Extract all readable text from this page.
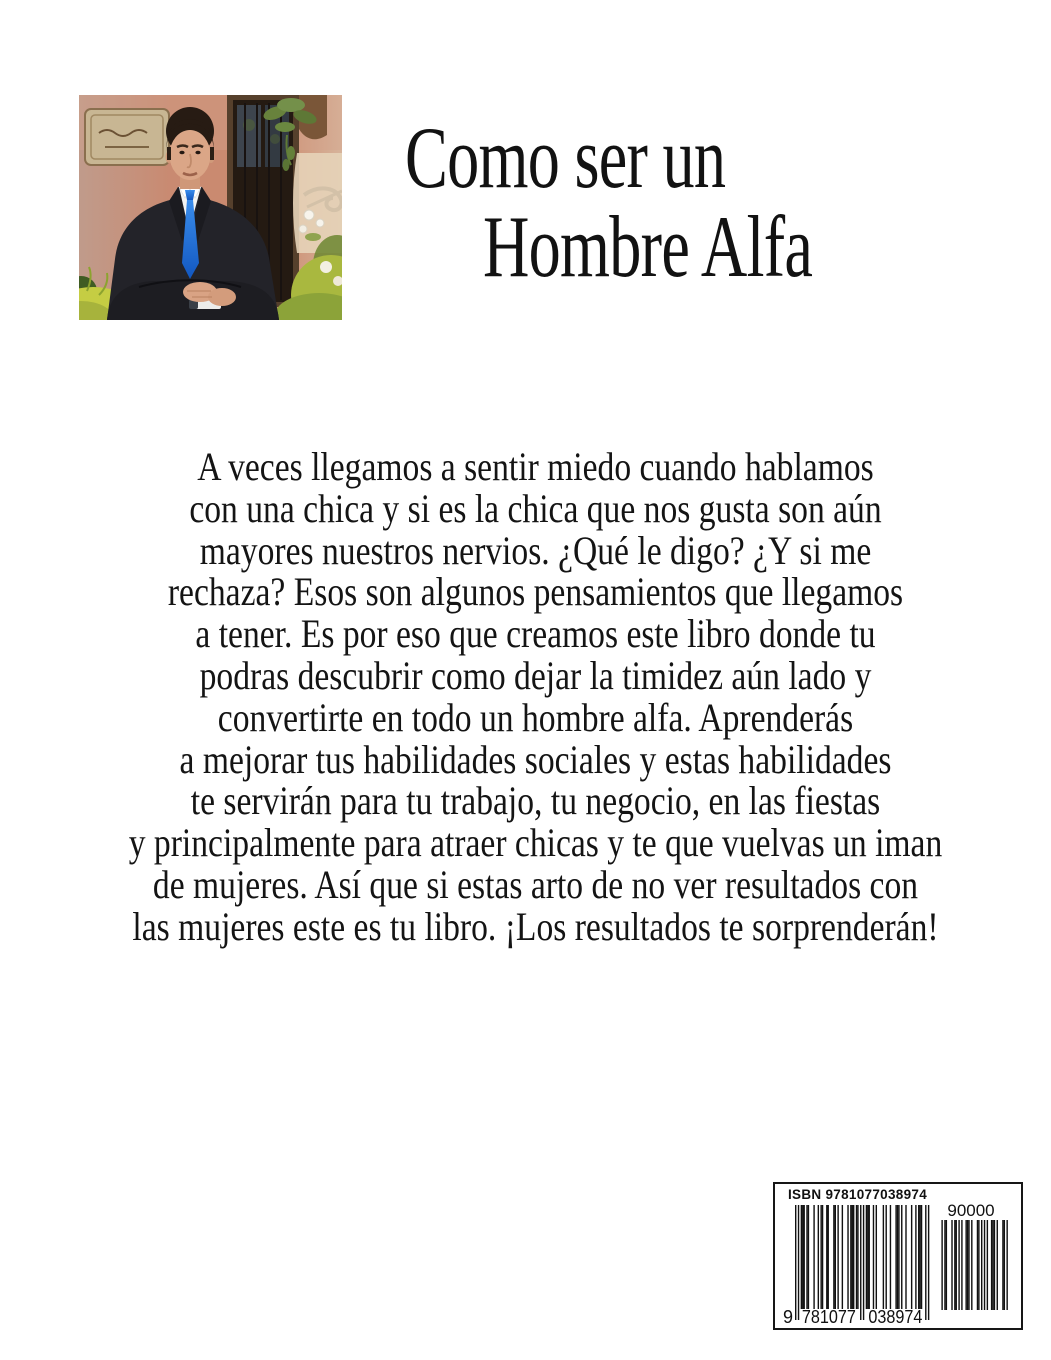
Como ser un
Hombre Alfa
A veces llegamos a sentir miedo cuando hablamos
con una chica y si es la chica que nos gusta son aún
mayores nuestros nervios. ¿Qué le digo? ¿Y si me
rechaza? Esos son algunos pensamientos que llegamos
a tener. Es por eso que creamos este libro donde tu
podras descubrir como dejar la timidez aún lado y
convertirte en todo un hombre alfa. Aprenderás
a mejorar tus habilidades sociales y estas habilidades
te servirán para tu trabajo, tu negocio, en las fiestas
y principalmente para atraer chicas y te que vuelvas un iman
de mujeres. Así que si estas arto de no ver resultados con
las mujeres este es tu libro. ¡Los resultados te sorprenderán!
ISBN 9781077038974
9 781077 038974
90000
